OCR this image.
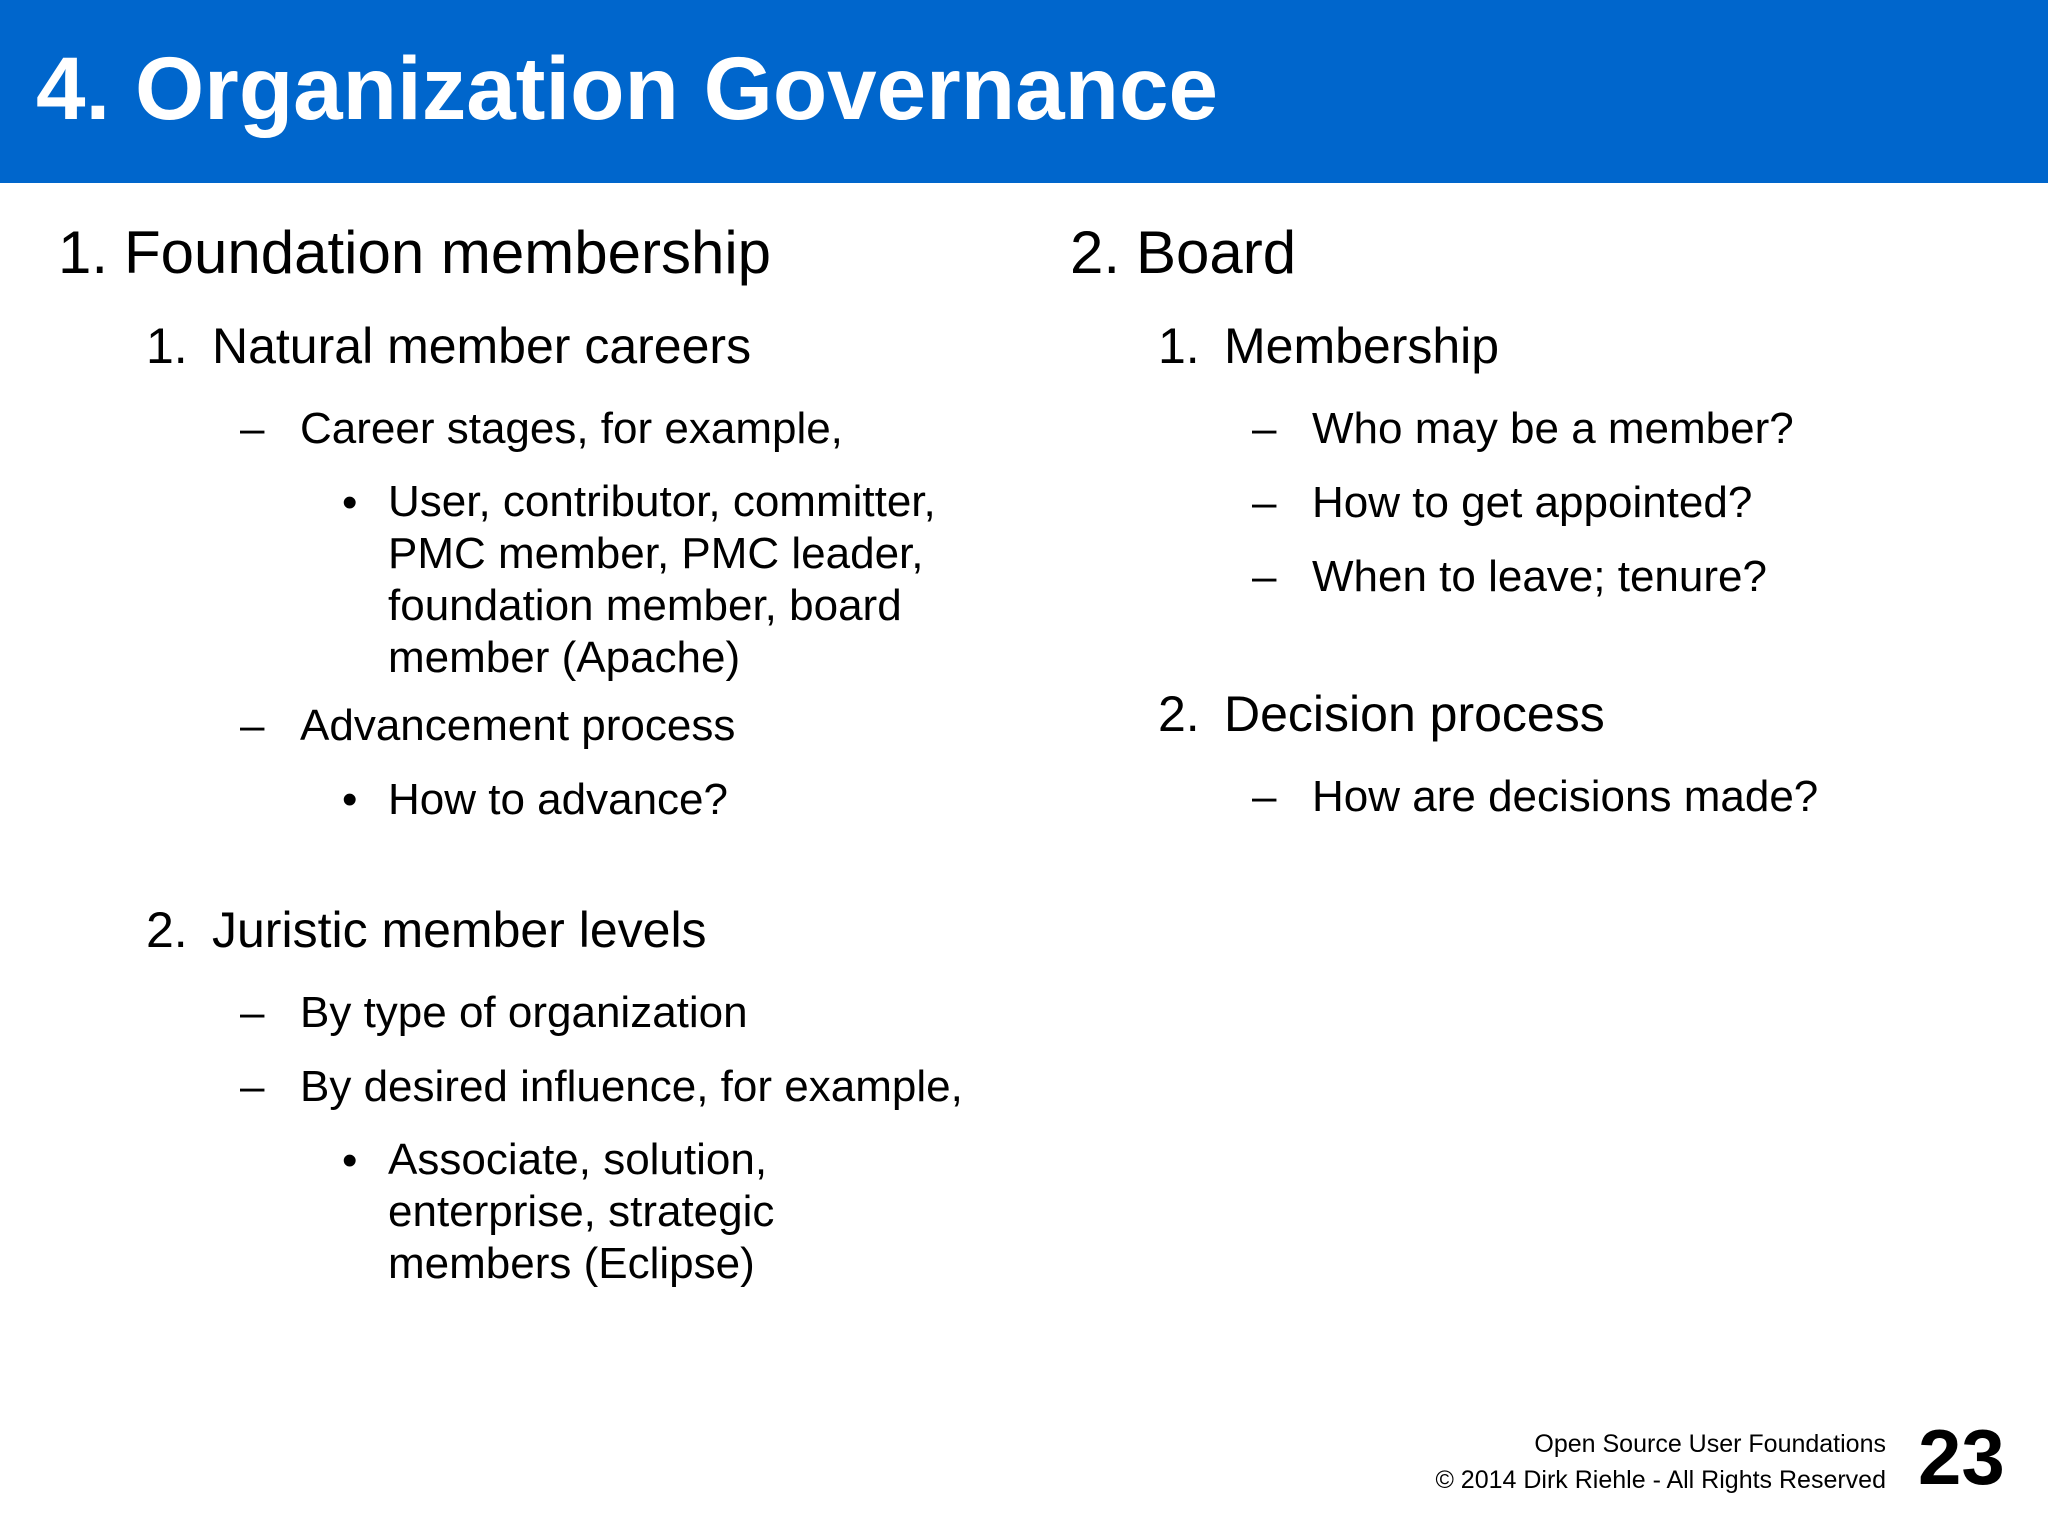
4. Organization Governance
1. Foundation membership
1. Natural member careers
– Career stages, for example,
• User, contributor, committer, PMC member, PMC leader, foundation member, board member (Apache)
– Advancement process
• How to advance?
2. Juristic member levels
– By type of organization
– By desired influence, for example,
• Associate, solution, enterprise, strategic members (Eclipse)
2. Board
1. Membership
– Who may be a member?
– How to get appointed?
– When to leave; tenure?
2. Decision process
– How are decisions made?
Open Source User Foundations
© 2014 Dirk Riehle - All Rights Reserved 23
